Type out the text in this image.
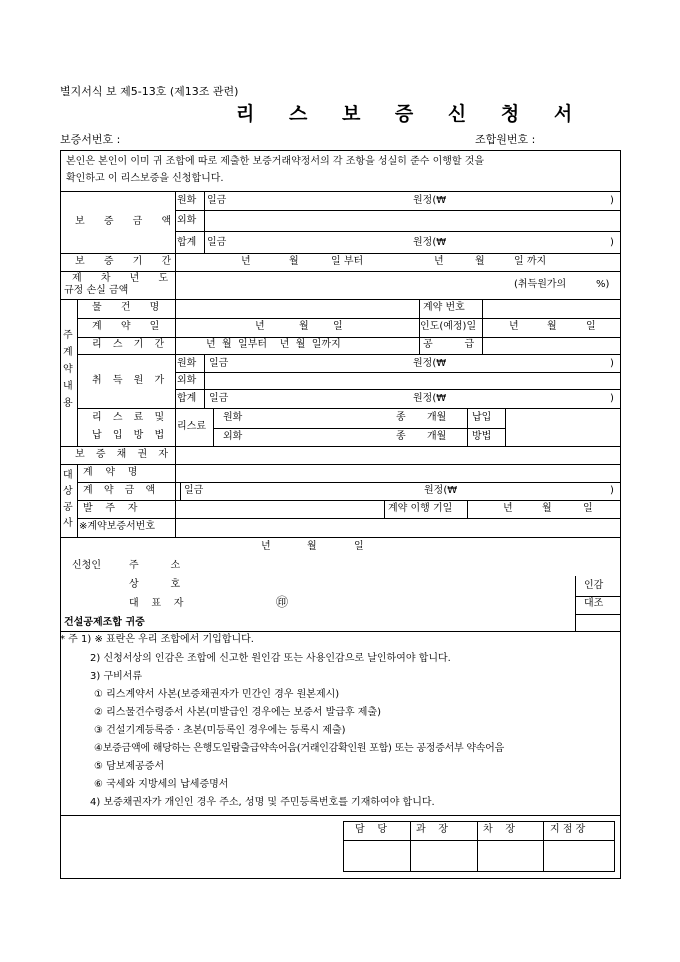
별지서식 보 제5-13호 (제13조 관련)
리 스 보 증 신 청 서
보증서번호 :	조합원번호 :
본인은 본인이 이미 귀 조합에 따로 제출한 보증거래약정서의 각 조항을 성실히 준수 이행할 것을
확인하고 이 리스보증을 신청합니다.
보 증 금 액
원화 일금	원정(₩	)
외화
합계 일금	원정(₩	)
보 증 기 간	년	월	일 부터	년	월	일 까지
제 차 년 도
규정 손실 금액
(취득원가의	%)
주
계
약
내
용
물 건 명	계약 번호
계 약 일	년	월 일	인도(예정)일	년	월	일
리 스 기 간	년  월  일부터    년  월  일까지	공          급
취 득 원 가
원화 일금	원정(₩	)
외화
합계 일금	원정(₩	)
리 스 료 및
납 입 방 법
리스료
원화	종 개월
외화	종 개월
납입
방법
보 증 채 권 자
대
상
공
사
계    약    명
계 약 금 액 일금	원정(₩	)
발    주    자	계약 이행 기일	년	월	일
※계약보증서번호
년	월	일
신청인	주          소
상          호
대    표    자	㊞
인감
대조
건설공제조합 귀중
* 주 1) ※ 표란은 우리 조합에서 기입합니다.
2) 신청서상의 인감은 조합에 신고한 원인감 또는 사용인감으로 날인하여야 합니다.
3) 구비서류
① 리스계약서 사본(보증채권자가 민간인 경우 원본제시)
② 리스물건수령증서 사본(미발급인 경우에는 보증서 발급후 제출)
③ 건설기계등록증 · 초본(미등록인 경우에는 등록시 제출)
④보증금액에 해당하는 은행도일람출급약속어음(거래인감확인원 포함) 또는 공정증서부 약속어음
⑤ 담보제공증서
⑥ 국세와 지방세의 납세증명서
4) 보증채권자가 개인인 경우 주소, 성명 및 주민등록번호를 기재하여야 합니다.
담    당	과    장	차    장	지 점 장
